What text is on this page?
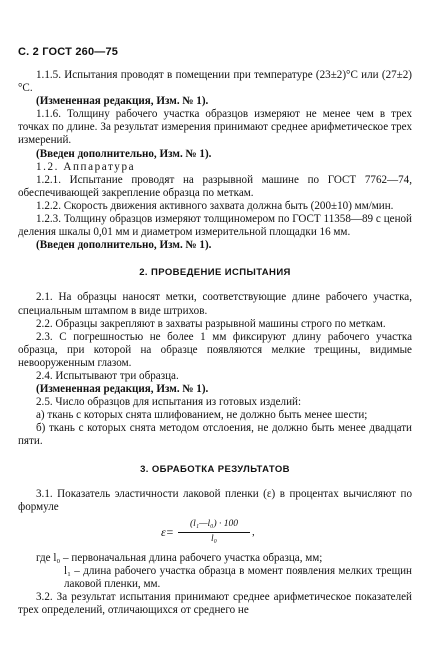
С. 2 ГОСТ 260—75

1.1.5. Испытания проводят в помещении при температуре (23±2)°С или (27±2)°С.

(Измененная редакция, Изм. № 1).

1.1.6. Толщину рабочего участка образцов измеряют не менее чем в трех точках по длине. За результат измерения принимают среднее арифметическое трех измерений.

(Введен дополнительно, Изм. № 1).

1.2. Аппаратура

1.2.1. Испытание проводят на разрывной машине по ГОСТ 7762—74, обеспечивающей закрепление образца по меткам.

1.2.2. Скорость движения активного захвата должна быть (200±10) мм/мин.

1.2.3. Толщину образцов измеряют толщиномером по ГОСТ 11358—89 с ценой деления шкалы 0,01 мм и диаметром измерительной площадки 16 мм.

(Введен дополнительно, Изм. № 1).

2. ПРОВЕДЕНИЕ ИСПЫТАНИЯ

2.1. На образцы наносят метки, соответствующие длине рабочего участка, специальным штампом в виде штрихов.

2.2. Образцы закрепляют в захваты разрывной машины строго по меткам.

2.3. С погрешностью не более 1 мм фиксируют длину рабочего участка образца, при которой на образце появляются мелкие трещины, видимые невооруженным глазом.

2.4. Испытывают три образца.

(Измененная редакция, Изм. № 1).

2.5. Число образцов для испытания из готовых изделий:

а) ткань с которых снята шлифованием, не должно быть менее шести;

б) ткань с которых снята методом отслоения, не должно быть менее двадцати пяти.

3. ОБРАБОТКА РЕЗУЛЬТАТОВ

3.1. Показатель эластичности лаковой пленки (ε) в процентах вычисляют по формуле

$\varepsilon= \frac{\text{(l₁—l₀) · 100}}{\text{l₀}}$ ,

где l₀ – первоначальная длина рабочего участка образца, мм;

l₁ – длина рабочего участка образца в момент появления мелких трещин лаковой пленки, мм.

3.2. За результат испытания принимают среднее арифметическое показателей трех определений, отличающихся от среднего не
